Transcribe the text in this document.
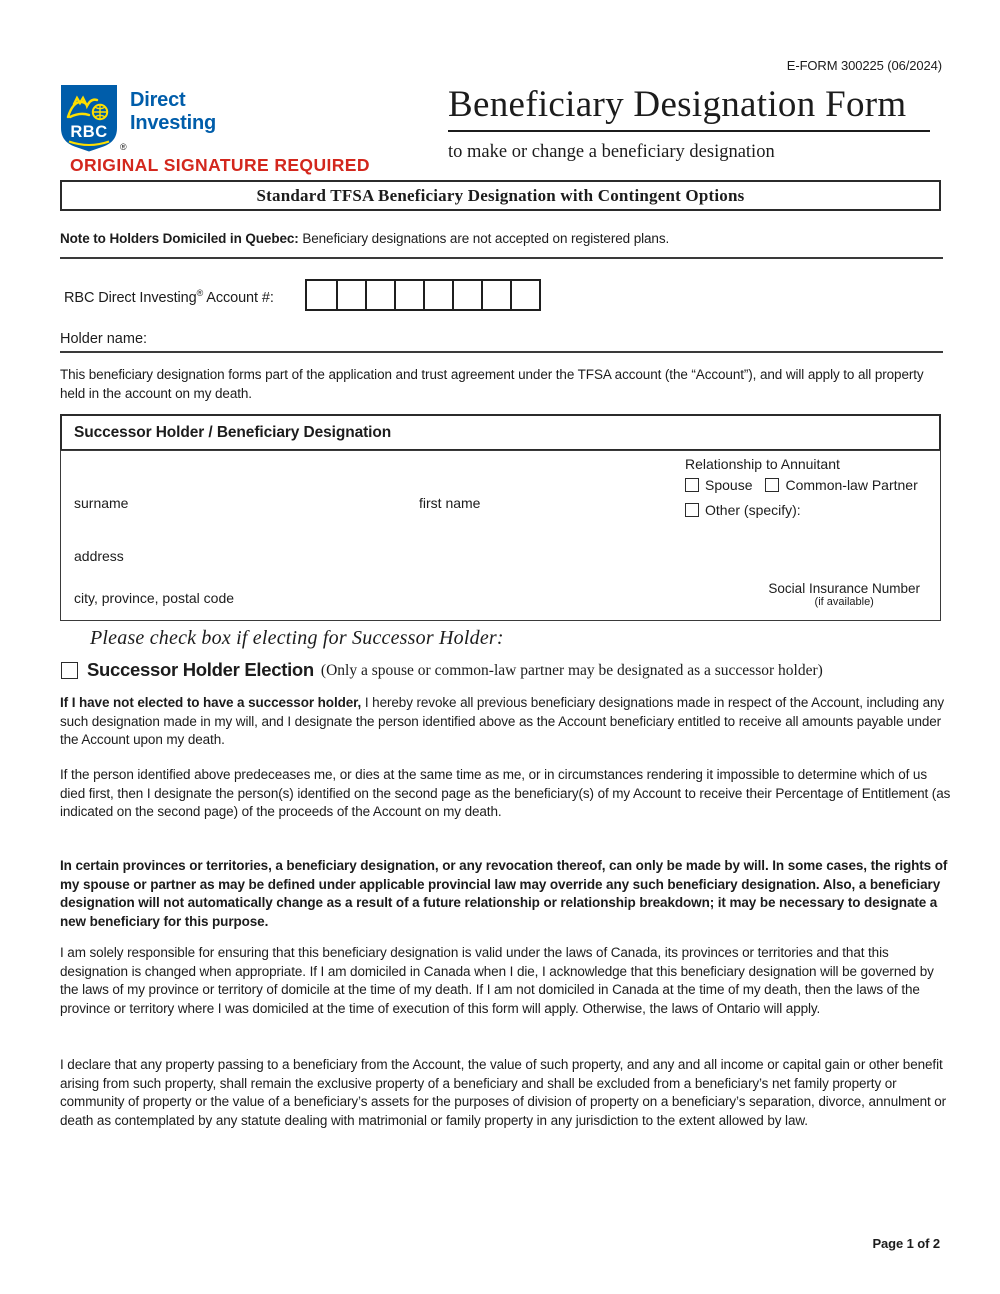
E-FORM 300225 (06/2024)
RBC
®
Direct
Investing
ORIGINAL SIGNATURE REQUIRED
Beneficiary Designation Form
to make or change a beneficiary designation
Standard TFSA Beneficiary Designation with Contingent Options
Note to Holders Domiciled in Quebec: Beneficiary designations are not accepted on registered plans.
RBC Direct Investing® Account #:
Holder name:
This beneficiary designation forms part of the application and trust agreement under the TFSA account (the “Account”), and will apply to all property held in the account on my death.
Successor Holder / Beneficiary Designation
surname	first name
Relationship to Annuitant
Spouse Common-law Partner
Other (specify):
address
city, province, postal code
Social Insurance Number
(if available)
Please check box if electing for Successor Holder:
Successor Holder Election (Only a spouse or common-law partner may be designated as a successor holder)
If I have not elected to have a successor holder, I hereby revoke all previous beneficiary designations made in respect of the Account, including any such designation made in my will, and I designate the person identified above as the Account beneficiary entitled to receive all amounts payable under the Account upon my death.
If the person identified above predeceases me, or dies at the same time as me, or in circumstances rendering it impossible to determine which of us died first, then I designate the person(s) identified on the second page as the beneficiary(s) of my Account to receive their Percentage of Entitlement (as indicated on the second page) of the proceeds of the Account on my death.
In certain provinces or territories, a beneficiary designation, or any revocation thereof, can only be made by will. In some cases, the rights of my spouse or partner as may be defined under applicable provincial law may override any such beneficiary designation. Also, a beneficiary designation will not automatically change as a result of a future relationship or relationship breakdown; it may be necessary to designate a new beneficiary for this purpose.
I am solely responsible for ensuring that this beneficiary designation is valid under the laws of Canada, its provinces or territories and that this designation is changed when appropriate. If I am domiciled in Canada when I die, I acknowledge that this beneficiary designation will be governed by the laws of my province or territory of domicile at the time of my death. If I am not domiciled in Canada at the time of my death, then the laws of the province or territory where I was domiciled at the time of execution of this form will apply. Otherwise, the laws of Ontario will apply.
I declare that any property passing to a beneficiary from the Account, the value of such property, and any and all income or capital gain or other benefit arising from such property, shall remain the exclusive property of a beneficiary and shall be excluded from a beneficiary’s net family property or community of property or the value of a beneficiary’s assets for the purposes of division of property on a beneficiary’s separation, divorce, annulment or death as contemplated by any statute dealing with matrimonial or family property in any jurisdiction to the extent allowed by law.
Page 1 of 2
